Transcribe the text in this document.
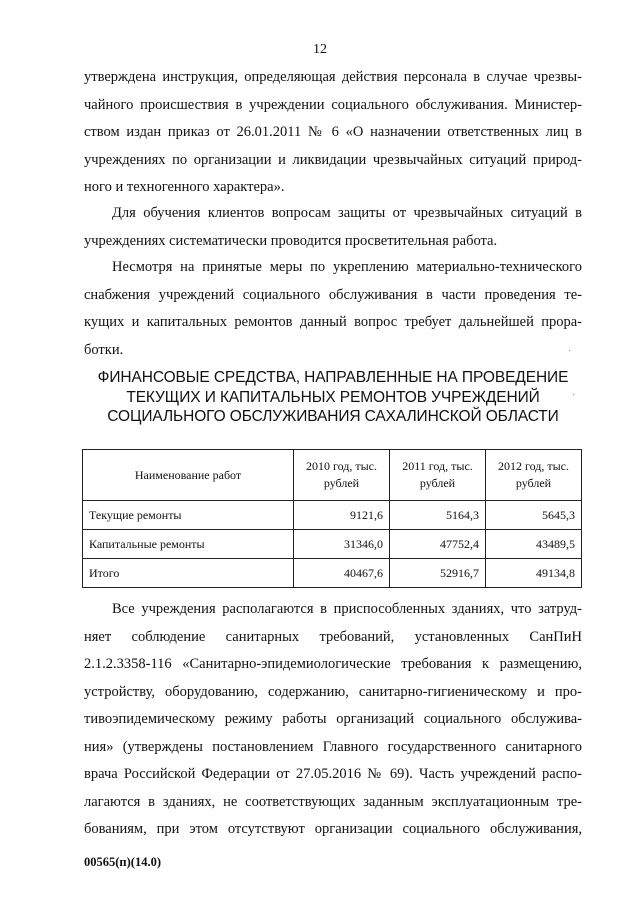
12
утверждена инструкция, определяющая действия персонала в случае чрезвы-
чайного происшествия в учреждении социального обслуживания. Министер-
ством издан приказ от 26.01.2011 № 6 «О назначении ответственных лиц в
учреждениях по организации и ликвидации чрезвычайных ситуаций природ-
ного и техногенного характера».
Для обучения клиентов вопросам защиты от чрезвычайных ситуаций в
учреждениях систематически проводится просветительная работа.
Несмотря на принятые меры по укреплению материально-технического
снабжения учреждений социального обслуживания в части проведения те-
кущих и капитальных ремонтов данный вопрос требует дальнейшей прора-
ботки.
ФИНАНСОВЫЕ СРЕДСТВА, НАПРАВЛЕННЫЕ НА ПРОВЕДЕНИЕ
ТЕКУЩИХ И КАПИТАЛЬНЫХ РЕМОНТОВ УЧРЕЖДЕНИЙ
СОЦИАЛЬНОГО ОБСЛУЖИВАНИЯ САХАЛИНСКОЙ ОБЛАСТИ
Наименование работ	2010 год, тыс. рублей	2011 год, тыс. рублей	2012 год, тыс. рублей
Текущие ремонты	9121,6	5164,3	5645,3
Капитальные ремонты	31346,0	47752,4	43489,5
Итого	40467,6	52916,7	49134,8
Все учреждения располагаются в приспособленных зданиях, что затруд-
няет соблюдение санитарных требований, установленных СанПиН
2.1.2.3358-116 «Санитарно-эпидемиологические требования к размещению,
устройству, оборудованию, содержанию, санитарно-гигиеническому и про-
тивоэпидемическому режиму работы организаций социального обслужива-
ния» (утверждены постановлением Главного государственного санитарного
врача Российской Федерации от 27.05.2016 № 69). Часть учреждений распо-
лагаются в зданиях, не соответствующих заданным эксплуатационным тре-
бованиям, при этом отсутствуют организации социального обслуживания,
00565(п)(14.0)
·
·
